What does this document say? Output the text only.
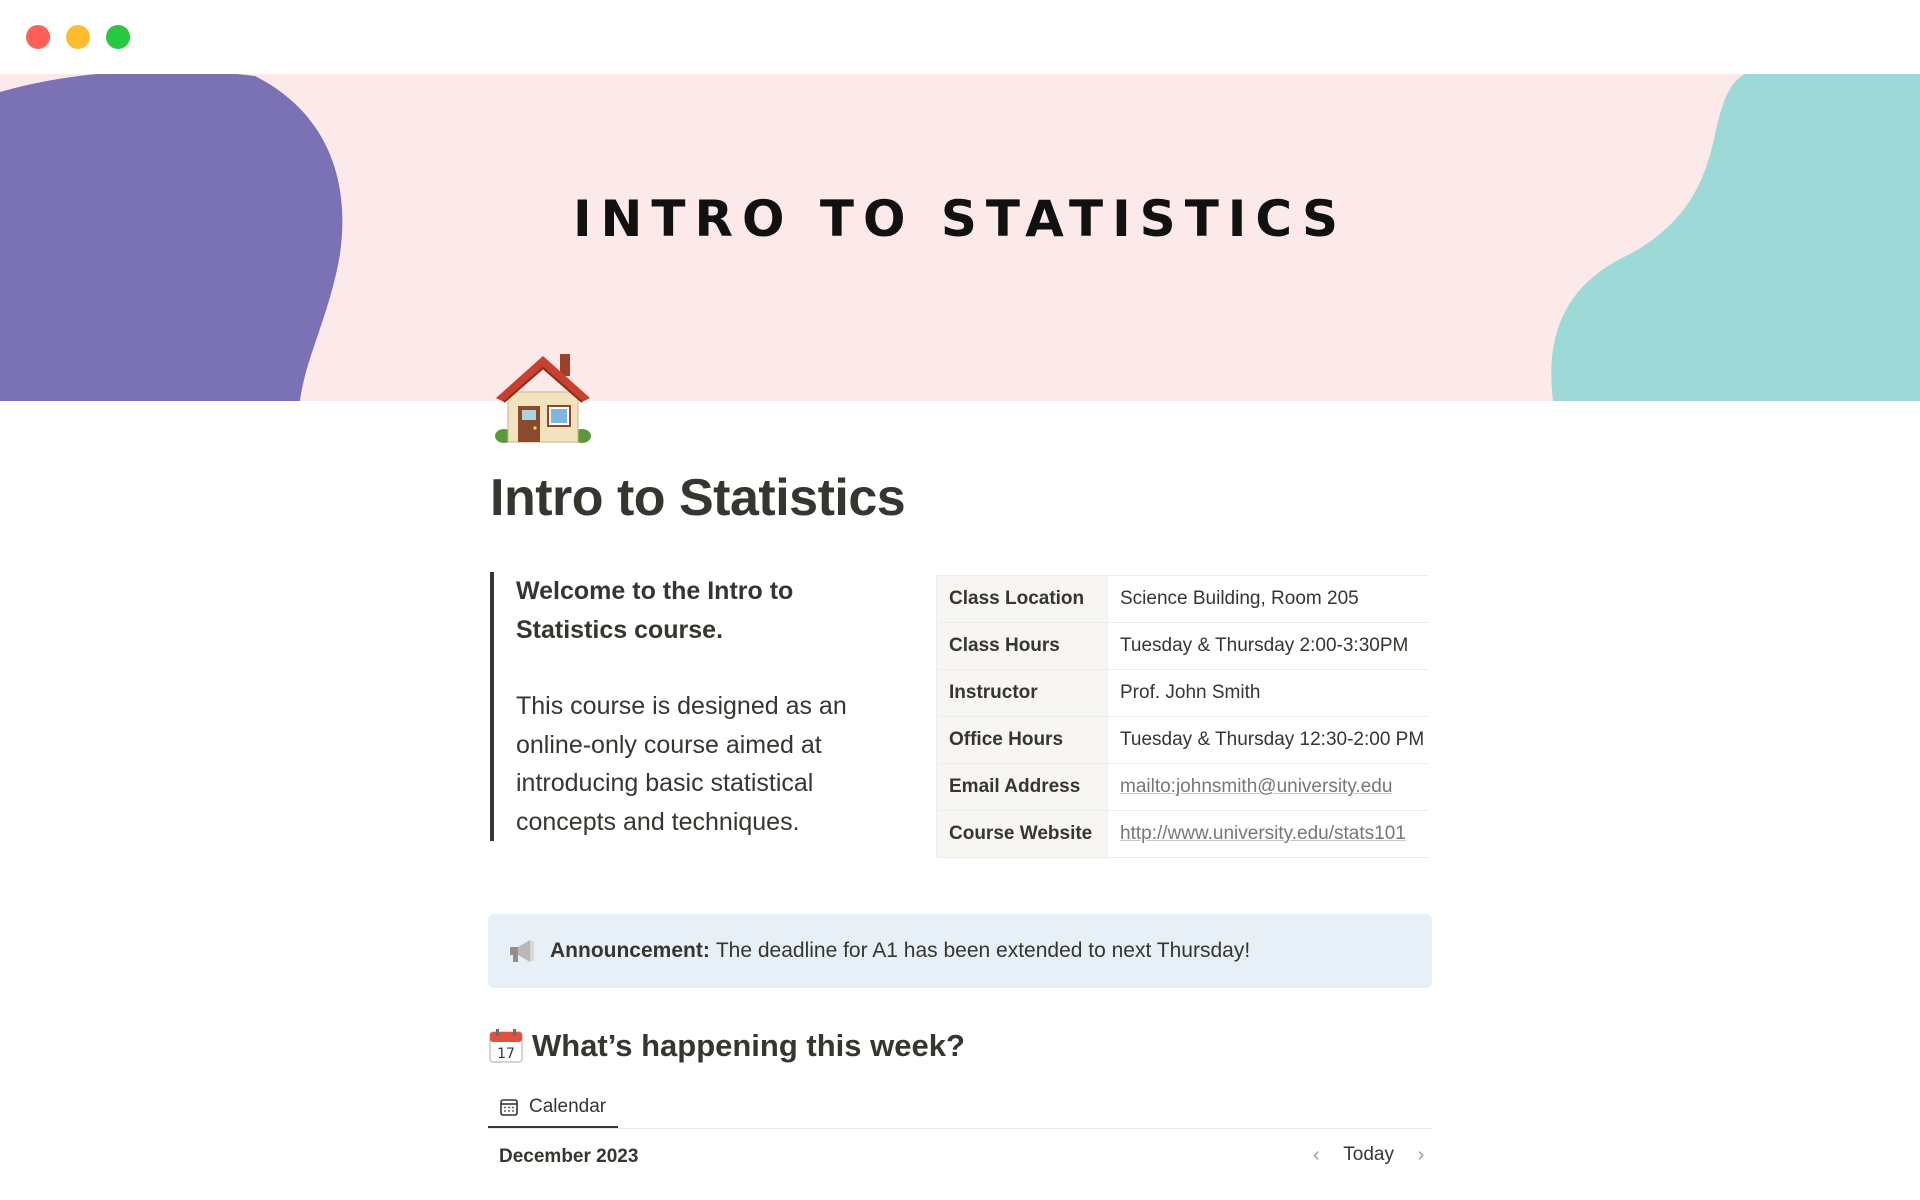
INTRO TO STATISTICS
Intro to Statistics

Welcome to the Intro to Statistics course.

This course is designed as an online-only course aimed at introducing basic statistical concepts and techniques.

Class Location	Science Building, Room 205
Class Hours	Tuesday & Thursday 2:00-3:30PM
Instructor	Prof. John Smith
Office Hours	Tuesday & Thursday 12:30-2:00 PM
Email Address	mailto:johnsmith@university.edu
Course Website	http://www.university.edu/stats101
Announcement: The deadline for A1 has been extended to next Thursday!
17 What’s happening this week?
Calendar
December 2023	‹	Today	›
